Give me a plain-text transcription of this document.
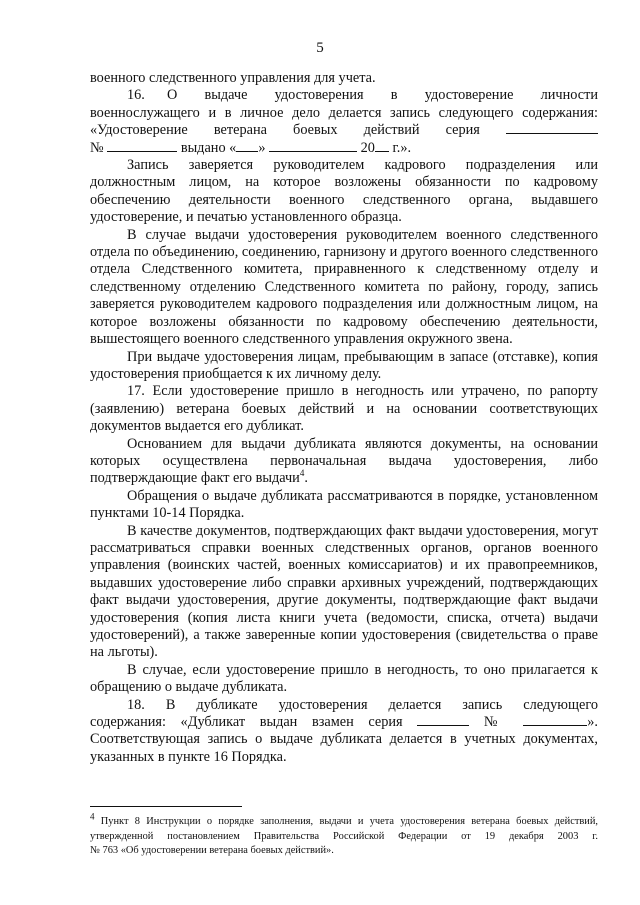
5

военного следственного управления для учета.

16. О выдаче удостоверения в удостоверение личности

военнослужащего и в личное дело делается запись следующего содержания:

«Удостоверение ветерана боевых действий серия

№	выдано « »	20 г.».

Запись заверяется руководителем кадрового подразделения или должностным лицом, на которое возложены обязанности по кадровому обеспечению деятельности военного следственного органа, выдавшего удостоверение, и печатью установленного образца.

В случае выдачи удостоверения руководителем военного следственного отдела по объединению, соединению, гарнизону и другого военного следственного отдела Следственного комитета, приравненного к следственному отделу и следственному отделению Следственного комитета по району, городу, запись заверяется руководителем кадрового подразделения или должностным лицом, на которое возложены обязанности по кадровому обеспечению деятельности, вышестоящего военного следственного управления окружного звена.

При выдаче удостоверения лицам, пребывающим в запасе (отставке), копия удостоверения приобщается к их личному делу.

17. Если удостоверение пришло в негодность или утрачено, по рапорту (заявлению) ветерана боевых действий и на основании соответствующих документов выдается его дубликат.

Основанием для выдачи дубликата являются документы, на основании которых осуществлена первоначальная выдача удостоверения, либо подтверждающие факт его выдачи$^4$.

Обращения о выдаче дубликата рассматриваются в порядке, установленном пунктами 10-14 Порядка.

В качестве документов, подтверждающих факт выдачи удостоверения, могут рассматриваться справки военных следственных органов, органов военного управления (воинских частей, военных комиссариатов) и их правопреемников, выдавших удостоверение либо справки архивных учреждений, подтверждающих факт выдачи удостоверения, другие документы, подтверждающие факт выдачи удостоверения (копия листа книги учета (ведомости, списка, отчета) выдачи удостоверений), а также заверенные копии удостоверения (свидетельства о праве на льготы).

В случае, если удостоверение пришло в негодность, то оно прилагается к обращению о выдаче дубликата.

18. В дубликате удостоверения делается запись следующего

содержания: «Дубликат выдан взамен серия	№	».

Соответствующая запись о выдаче дубликата делается в учетных документах, указанных в пункте 16 Порядка.

$^4$ Пункт 8 Инструкции о порядке заполнения, выдачи и учета удостоверения ветерана боевых действий,
утвержденной постановлением Правительства Российской Федерации от 19 декабря 2003 г.
№ 763 «Об удостоверении ветерана боевых действий».
